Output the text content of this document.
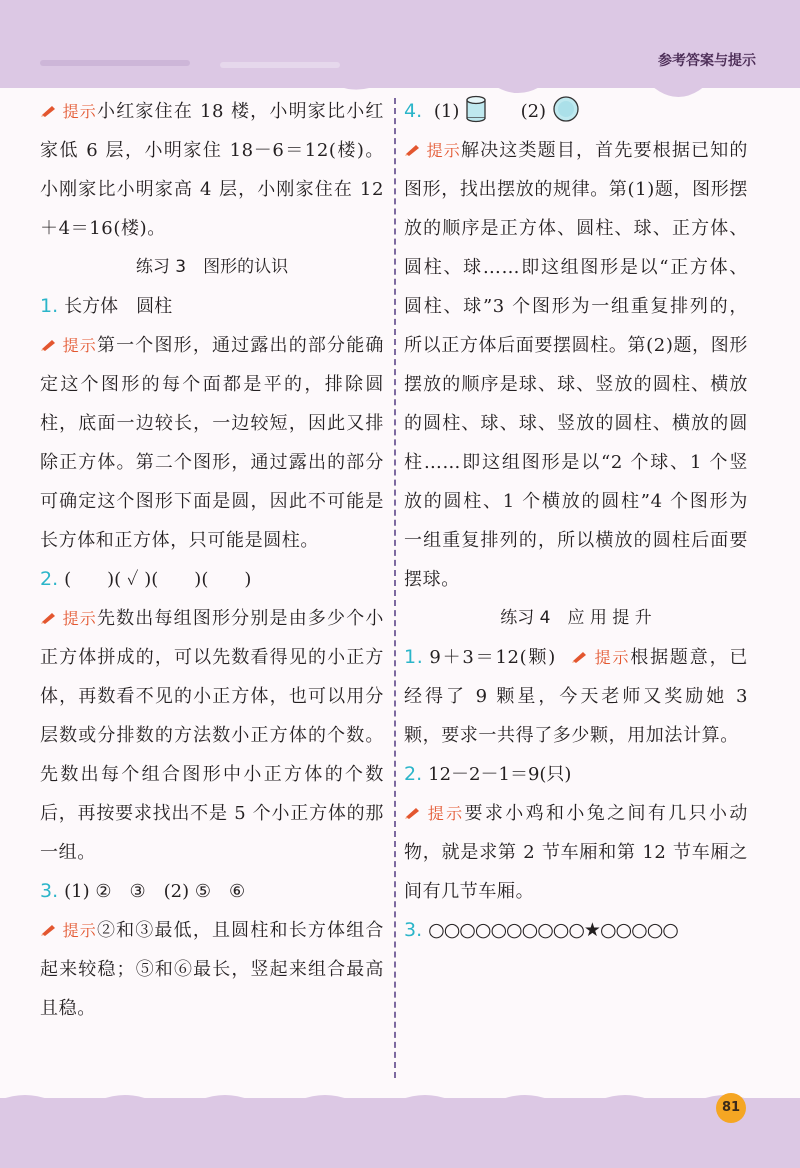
参考答案与提示

提示小红家住在 18 楼，小明家比小红家低 6 层，小明家住 18－6＝12(楼)。小刚家比小明家高 4 层，小刚家住在 12＋4＝16(楼)。

练习 3　图形的认识

1. 长方体　圆柱

提示第一个图形，通过露出的部分能确定这个图形的每个面都是平的，排除圆柱，底面一边较长，一边较短，因此又排除正方体。第二个图形，通过露出的部分可确定这个图形下面是圆，因此不可能是长方体和正方体，只可能是圆柱。

2. (　　)( ✓ )(　　)(　　)

提示先数出每组图形分别是由多少个小正方体拼成的，可以先数看得见的小正方体，再数看不见的小正方体，也可以用分层数或分排数的方法数小正方体的个数。先数出每个组合图形中小正方体的个数后，再按要求找出不是 5 个小正方体的那一组。

3. (1) ②　③　(2) ⑤　⑥

提示②和③最低，且圆柱和长方体组合起来较稳；⑤和⑥最长，竖起来组合最高且稳。

4. (1)	(2)

提示解决这类题目，首先要根据已知的图形，找出摆放的规律。第(1)题，图形摆放的顺序是正方体、圆柱、球、正方体、圆柱、球……即这组图形是以“正方体、圆柱、球”3 个图形为一组重复排列的，所以正方体后面要摆圆柱。第(2)题，图形摆放的顺序是球、球、竖放的圆柱、横放的圆柱、球、球、竖放的圆柱、横放的圆柱……即这组图形是以“2 个球、1 个竖放的圆柱、1 个横放的圆柱”4 个图形为一组重复排列的，所以横放的圆柱后面要摆球。

练习 4　应 用 提 升

1. 9＋3＝12(颗) 提示根据题意，已经得了 9 颗星，今天老师又奖励她 3 颗，要求一共得了多少颗，用加法计算。

2. 12－2－1＝9(只)

提示要求小鸡和小兔之间有几只小动物，就是求第 2 节车厢和第 12 节车厢之间有几节车厢。

3. ○○○○○○○○○○★○○○○○

81
